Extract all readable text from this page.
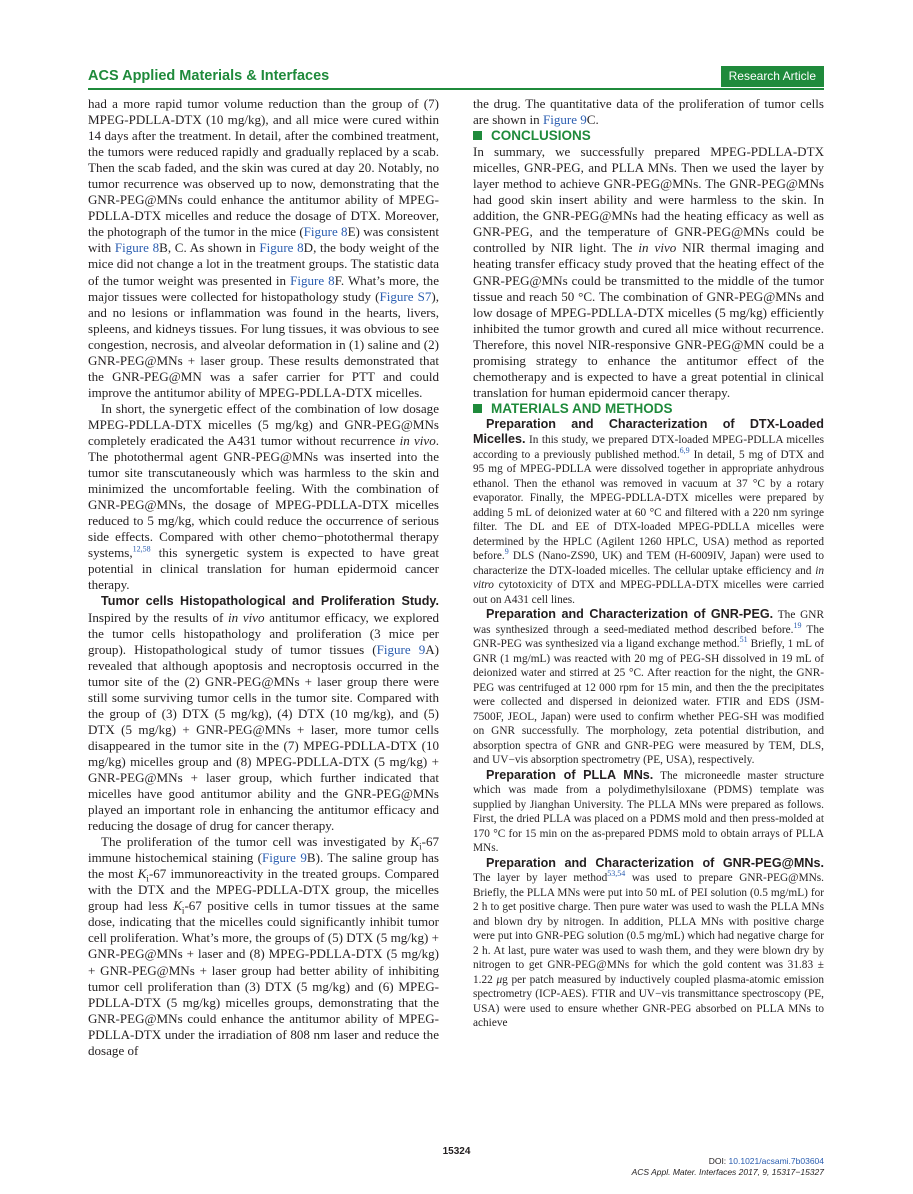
ACS Applied Materials & Interfaces	Research Article

had a more rapid tumor volume reduction than the group of (7) MPEG-PDLLA-DTX (10 mg/kg), and all mice were cured within 14 days after the treatment. In detail, after the combined treatment, the tumors were reduced rapidly and gradually replaced by a scab. Then the scab faded, and the skin was cured at day 20. Notably, no tumor recurrence was observed up to now, demonstrating that the GNR-PEG@MNs could enhance the antitumor ability of MPEG-PDLLA-DTX micelles and reduce the dosage of DTX. Moreover, the photograph of the tumor in the mice (Figure 8E) was consistent with Figure 8B, C. As shown in Figure 8D, the body weight of the mice did not change a lot in the treatment groups. The statistic data of the tumor weight was presented in Figure 8F. What’s more, the major tissues were collected for histopathology study (Figure S7), and no lesions or inflammation was found in the hearts, livers, spleens, and kidneys tissues. For lung tissues, it was obvious to see congestion, necrosis, and alveolar deformation in (1) saline and (2) GNR-PEG@MNs + laser group. These results demonstrated that the GNR-PEG@MN was a safer carrier for PTT and could improve the antitumor ability of MPEG-PDLLA-DTX micelles.

In short, the synergetic effect of the combination of low dosage MPEG-PDLLA-DTX micelles (5 mg/kg) and GNR-PEG@MNs completely eradicated the A431 tumor without recurrence in vivo. The photothermal agent GNR-PEG@MNs was inserted into the tumor site transcutaneously which was harmless to the skin and minimized the uncomfortable feeling. With the combination of GNR-PEG@MNs, the dosage of MPEG-PDLLA-DTX micelles reduced to 5 mg/kg, which could reduce the occurrence of serious side effects. Compared with other chemo−photothermal therapy systems,$^{12,58}$ this synergetic system is expected to have great potential in clinical translation for human epidermoid cancer therapy.

Tumor cells Histopathological and Proliferation Study. Inspired by the results of in vivo antitumor efficacy, we explored the tumor cells histopathology and proliferation (3 mice per group). Histopathological study of tumor tissues (Figure 9A) revealed that although apoptosis and necroptosis occurred in the tumor site of the (2) GNR-PEG@MNs + laser group there were still some surviving tumor cells in the tumor site. Compared with the group of (3) DTX (5 mg/kg), (4) DTX (10 mg/kg), and (5) DTX (5 mg/kg) + GNR-PEG@MNs + laser, more tumor cells disappeared in the tumor site in the (7) MPEG-PDLLA-DTX (10 mg/kg) micelles group and (8) MPEG-PDLLA-DTX (5 mg/kg) + GNR-PEG@MNs + laser group, which further indicated that micelles have good antitumor ability and the GNR-PEG@MNs played an important role in enhancing the antitumor efficacy and reducing the dosage of drug for cancer therapy.

The proliferation of the tumor cell was investigated by $K_i-67$ immune histochemical staining (Figure 9B). The saline group has the most $K_i-67$ immunoreactivity in the treated groups. Compared with the DTX and the MPEG-PDLLA-DTX group, the micelles group had less $K_i-67$ positive cells in tumor tissues at the same dose, indicating that the micelles could significantly inhibit tumor cell proliferation. What’s more, the groups of (5) DTX (5 mg/kg) + GNR-PEG@MNs + laser and (8) MPEG-PDLLA-DTX (5 mg/kg) + GNR-PEG@MNs + laser group had better ability of inhibiting tumor cell proliferation than (3) DTX (5 mg/kg) and (6) MPEG-PDLLA-DTX (5 mg/kg) micelles groups, demonstrating that the GNR-PEG@MNs could enhance the antitumor ability of MPEG-PDLLA-DTX under the irradiation of 808 nm laser and reduce the dosage of

the drug. The quantitative data of the proliferation of tumor cells are shown in Figure 9C.

CONCLUSIONS

In summary, we successfully prepared MPEG-PDLLA-DTX micelles, GNR-PEG, and PLLA MNs. Then we used the layer by layer method to achieve GNR-PEG@MNs. The GNR-PEG@MNs had good skin insert ability and were harmless to the skin. In addition, the GNR-PEG@MNs had the heating efficacy as well as GNR-PEG, and the temperature of GNR-PEG@MNs could be controlled by NIR light. The in vivo NIR thermal imaging and heating transfer efficacy study proved that the heating effect of the GNR-PEG@MNs could be transmitted to the middle of the tumor tissue and reach 50 °C. The combination of GNR-PEG@MNs and low dosage of MPEG-PDLLA-DTX micelles (5 mg/kg) efficiently inhibited the tumor growth and cured all mice without recurrence. Therefore, this novel NIR-responsive GNR-PEG@MN could be a promising strategy to enhance the antitumor effect of the chemotherapy and is expected to have a great potential in clinical translation for human epidermoid cancer therapy.

MATERIALS AND METHODS

Preparation and Characterization of DTX-Loaded Micelles. In this study, we prepared DTX-loaded MPEG-PDLLA micelles according to a previously published method.$^{6,9}$ In detail, 5 mg of DTX and 95 mg of MPEG-PDLLA were dissolved together in appropriate anhydrous ethanol. Then the ethanol was removed in vacuum at 37 °C by a rotary evaporator. Finally, the MPEG-PDLLA-DTX micelles were prepared by adding 5 mL of deionized water at 60 °C and filtered with a 220 nm syringe filter. The DL and EE of DTX-loaded MPEG-PDLLA micelles were determined by the HPLC (Agilent 1260 HPLC, USA) method as reported before.$^9$ DLS (Nano-ZS90, UK) and TEM (H-6009IV, Japan) were used to characterize the DTX-loaded micelles. The cellular uptake efficiency and in vitro cytotoxicity of DTX and MPEG-PDLLA-DTX micelles were carried out on A431 cell lines.

Preparation and Characterization of GNR-PEG. The GNR was synthesized through a seed-mediated method described before.$^{19}$ The GNR-PEG was synthesized via a ligand exchange method.$^{51}$ Briefly, 1 mL of GNR (1 mg/mL) was reacted with 20 mg of PEG-SH dissolved in 19 mL of deionized water and stirred at 25 °C. After reaction for the night, the GNR-PEG was centrifuged at 12 000 rpm for 15 min, and then the the precipitates were collected and dispersed in deionized water. FTIR and EDS (JSM-7500F, JEOL, Japan) were used to confirm whether PEG-SH was modified on GNR successfully. The morphology, zeta potential distribution, and absorption spectra of GNR and GNR-PEG were measured by TEM, DLS, and UV−vis absorption spectrometry (PE, USA), respectively.

Preparation of PLLA MNs. The microneedle master structure which was made from a polydimethylsiloxane (PDMS) template was supplied by Jianghan University. The PLLA MNs were prepared as follows. First, the dried PLLA was placed on a PDMS mold and then press-molded at 170 °C for 15 min on the as-prepared PDMS mold to obtain arrays of PLLA MNs.

Preparation and Characterization of GNR-PEG@MNs. The layer by layer method$^{53,54}$ was used to prepare GNR-PEG@MNs. Briefly, the PLLA MNs were put into 50 mL of PEI solution (0.5 mg/mL) for 2 h to get positive charge. Then pure water was used to wash the PLLA MNs and blown dry by nitrogen. In addition, PLLA MNs with positive charge were put into GNR-PEG solution (0.5 mg/mL) which had negative charge for 2 h. At last, pure water was used to wash them, and they were blown dry by nitrogen to get GNR-PEG@MNs for which the gold content was 31.83 ± 1.22 μg per patch measured by inductively coupled plasma-atomic emission spectrometry (ICP-AES). FTIR and UV−vis transmittance spectroscopy (PE, USA) were used to ensure whether GNR-PEG absorbed on PLLA MNs to achieve

15324
DOI: 10.1021/acsami.7b03604
ACS Appl. Mater. Interfaces 2017, 9, 15317−15327
